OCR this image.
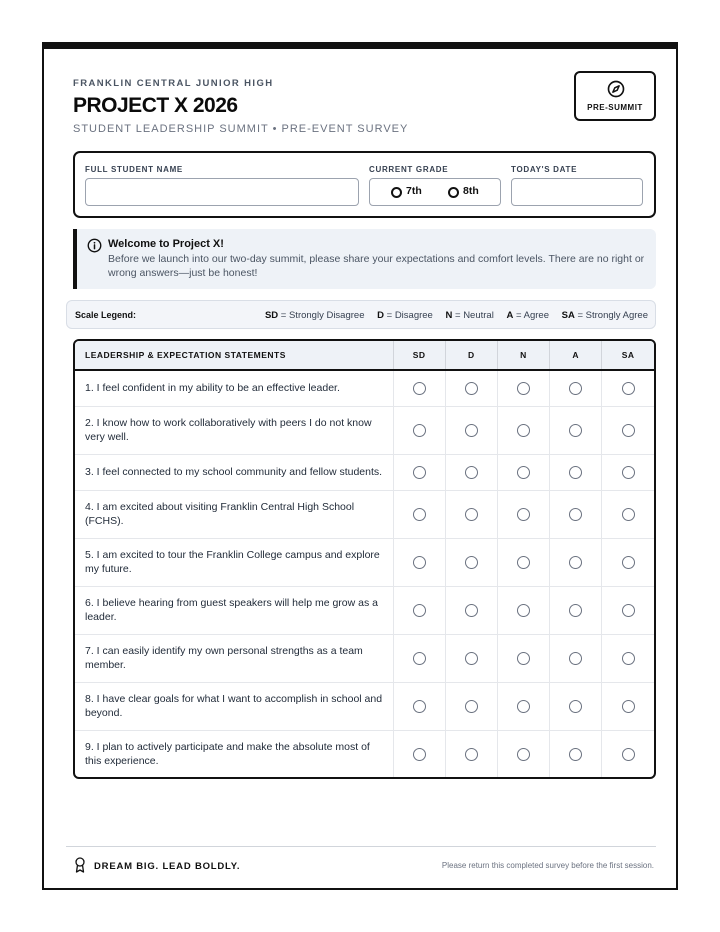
FRANKLIN CENTRAL JUNIOR HIGH
PROJECT X 2026
STUDENT LEADERSHIP SUMMIT • PRE-EVENT SURVEY
PRE-SUMMIT
FULL STUDENT NAME	CURRENT GRADE
7th	8th
TODAY'S DATE
Welcome to Project X!
Before we launch into our two-day summit, please share your expectations and comfort levels. There are no right or wrong answers—just be honest!
Scale Legend:	SD = Strongly Disagree D = Disagree N = Neutral A = Agree SA = Strongly Agree
LEADERSHIP & EXPECTATION STATEMENTS	SD	D	N	A	SA
1. I feel confident in my ability to be an effective leader.					
2. I know how to work collaboratively with peers I do not know very well.					
3. I feel connected to my school community and fellow students.					
4. I am excited about visiting Franklin Central High School (FCHS).					
5. I am excited to tour the Franklin College campus and explore my future.					
6. I believe hearing from guest speakers will help me grow as a leader.					
7. I can easily identify my own personal strengths as a team member.					
8. I have clear goals for what I want to accomplish in school and beyond.					
9. I plan to actively participate and make the absolute most of this experience.					
DREAM BIG. LEAD BOLDLY.	Please return this completed survey before the first session.
